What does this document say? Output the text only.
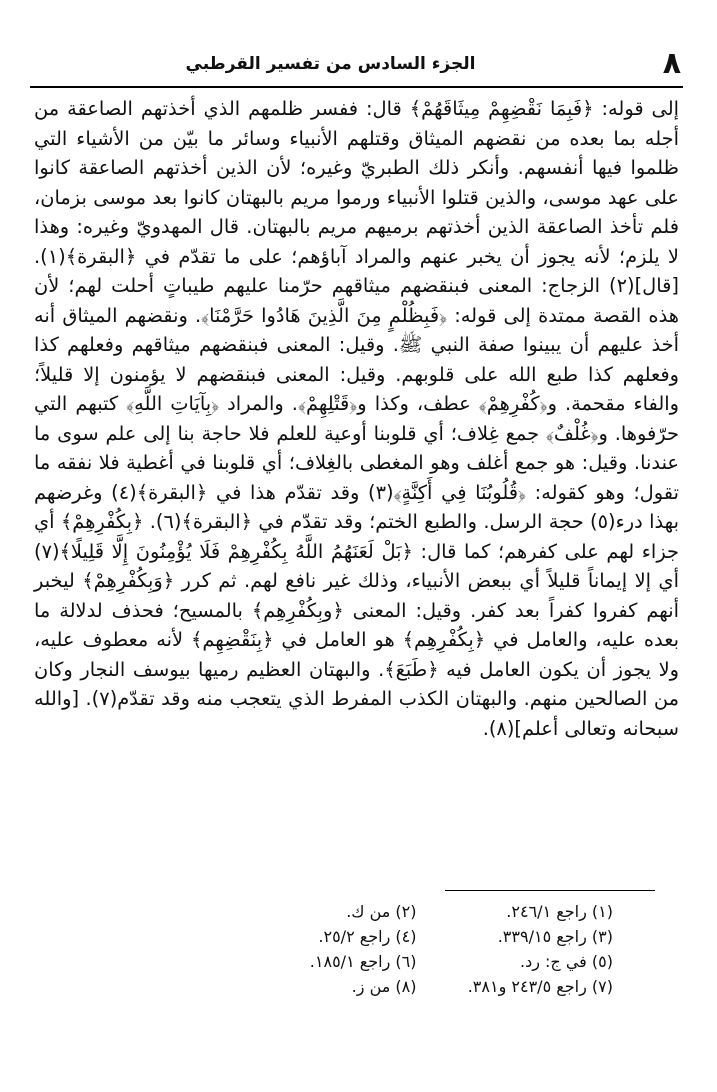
٨
الجزء السادس من تفسير القرطبي

إلى قوله: ﴿فَبِمَا نَقْضِهِمْ مِيثَاقَهُمْ﴾ قال: ففسر ظلمهم الذي أخذتهم الصاعقة من أجله بما بعده من نقضهم الميثاق وقتلهم الأنبياء وسائر ما بيّن من الأشياء التي ظلموا فيها أنفسهم. وأنكر ذلك الطبريّ وغيره؛ لأن الذين أخذتهم الصاعقة كانوا على عهد موسى، والذين قتلوا الأنبياء ورموا مريم بالبهتان كانوا بعد موسى بزمان، فلم تأخذ الصاعقة الذين أخذتهم برميهم مريم بالبهتان. قال المهدويّ وغيره: وهذا لا يلزم؛ لأنه يجوز أن يخبر عنهم والمراد آباؤهم؛ على ما تقدّم في ﴿البقرة﴾(١). [قال](٢) الزجاج: المعنى فبنقضهم ميثاقهم حرّمنا عليهم طيباتٍ أحلت لهم؛ لأن هذه القصة ممتدة إلى قوله: ﴿فَبِظُلْمٍ مِنَ الَّذِينَ هَادُوا حَرَّمْنَا﴾. ونقضهم الميثاق أنه أخذ عليهم أن يبينوا صفة النبي ﷺ. وقيل: المعنى فبنقضهم ميثاقهم وفعلهم كذا وفعلهم كذا طبع الله على قلوبهم. وقيل: المعنى فبنقضهم لا يؤمنون إلا قليلاً؛ والفاء مقحمة. و﴿كُفْرِهِمْ﴾ عطف، وكذا و﴿قَتْلِهِمْ﴾. والمراد ﴿بِآيَاتِ اللَّهِ﴾ كتبهم التي حرّفوها. و﴿غُلْفٌ﴾ جمع غِلاف؛ أي قلوبنا أوعية للعلم فلا حاجة بنا إلى علم سوى ما عندنا. وقيل: هو جمع أغلف وهو المغطى بالغِلاف؛ أي قلوبنا في أغطية فلا نفقه ما تقول؛ وهو كقوله: ﴿قُلُوبُنَا فِي أَكِنَّةٍ﴾(٣) وقد تقدّم هذا في ﴿البقرة﴾(٤) وغرضهم بهذا درء(٥) حجة الرسل. والطبع الختم؛ وقد تقدّم في ﴿البقرة﴾(٦). ﴿بِكُفْرِهِمْ﴾ أي جزاء لهم على كفرهم؛ كما قال: ﴿بَلْ لَعَنَهُمُ اللَّهُ بِكُفْرِهِمْ فَلَا يُؤْمِنُونَ إِلَّا قَلِيلًا﴾(٧) أي إلا إيماناً قليلاً أي ببعض الأنبياء، وذلك غير نافع لهم. ثم كرر ﴿وَبِكُفْرِهِمْ﴾ ليخبر أنهم كفروا كفراً بعد كفر. وقيل: المعنى ﴿وبِكُفْرِهِم﴾ بالمسيح؛ فحذف لدلالة ما بعده عليه، والعامل في ﴿بِكُفْرِهِم﴾ هو العامل في ﴿بِنَقْضِهِم﴾ لأنه معطوف عليه، ولا يجوز أن يكون العامل فيه ﴿طَبَعَ﴾. والبهتان العظيم رميها بيوسف النجار وكان من الصالحين منهم. والبهتان الكذب المفرط الذي يتعجب منه وقد تقدّم(٧). [والله سبحانه وتعالى أعلم](٨).

(١) راجع ٢٤٦/١.
(٢) من ك.
(٣) راجع ٣٣٩/١٥.
(٤) راجع ٢٥/٢.
(٥) في ج: رد.
(٦) راجع ١٨٥/١.
(٧) راجع ٢٤٣/٥ و٣٨١.
(٨) من ز.
